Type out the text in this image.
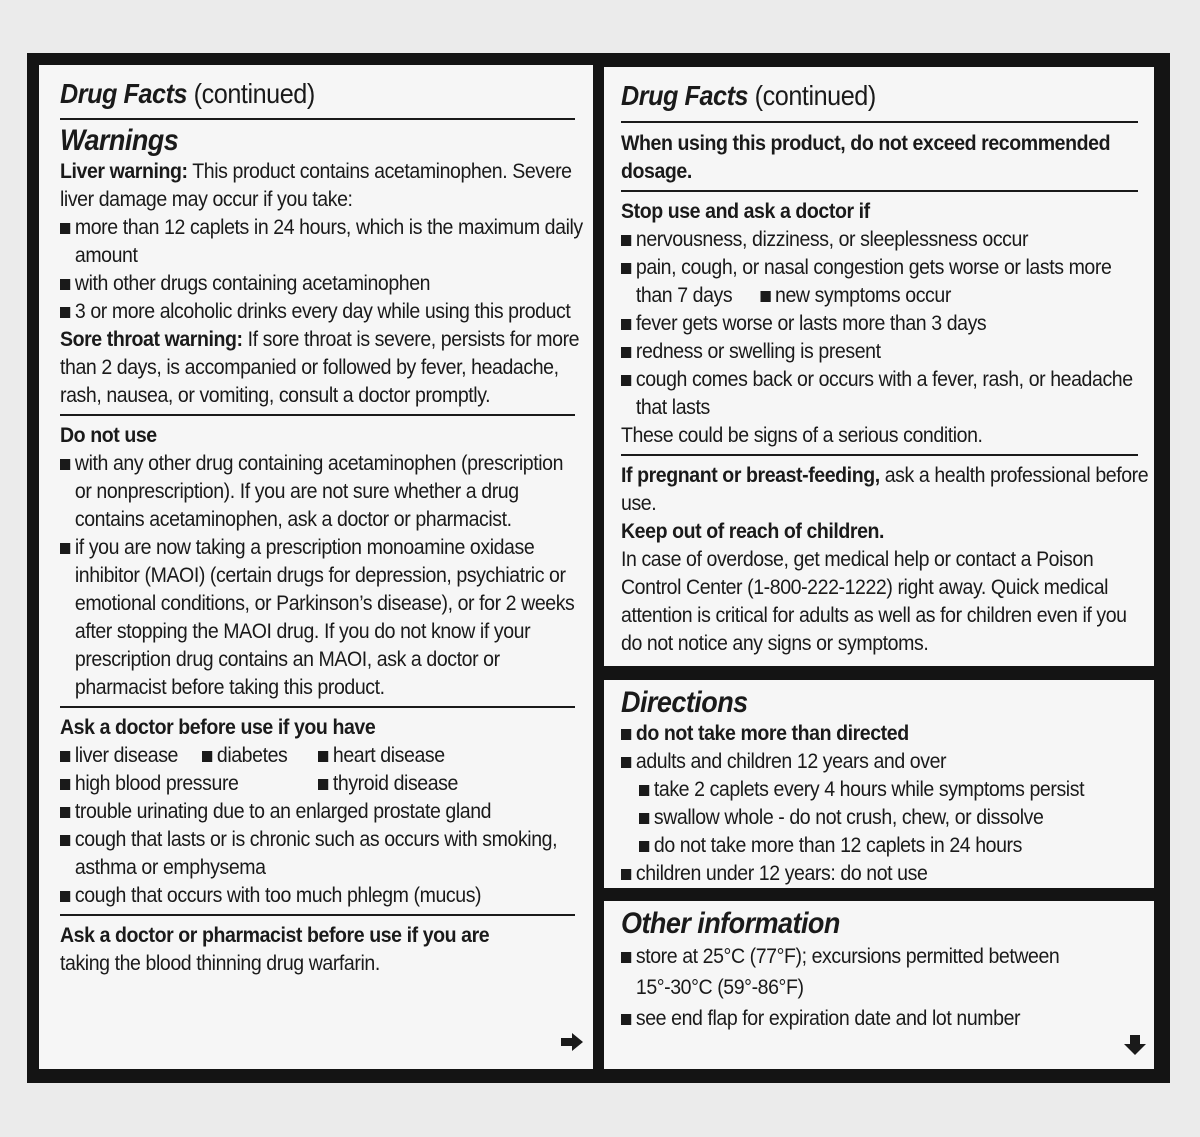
Drug Facts (continued)
Warnings
Liver warning: This product contains acetaminophen. Severe
liver damage may occur if you take:
more than 12 caplets in 24 hours, which is the maximum daily
amount
with other drugs containing acetaminophen
3 or more alcoholic drinks every day while using this product
Sore throat warning: If sore throat is severe, persists for more
than 2 days, is accompanied or followed by fever, headache,
rash, nausea, or vomiting, consult a doctor promptly.
Do not use
with any other drug containing acetaminophen (prescription
or nonprescription). If you are not sure whether a drug
contains acetaminophen, ask a doctor or pharmacist.
if you are now taking a prescription monoamine oxidase
inhibitor (MAOI) (certain drugs for depression, psychiatric or
emotional conditions, or Parkinson’s disease), or for 2 weeks
after stopping the MAOI drug. If you do not know if your
prescription drug contains an MAOI, ask a doctor or
pharmacist before taking this product.
Ask a doctor before use if you have
liver disease	diabetes	heart disease
high blood pressure	thyroid disease
trouble urinating due to an enlarged prostate gland
cough that lasts or is chronic such as occurs with smoking,
asthma or emphysema
cough that occurs with too much phlegm (mucus)
Ask a doctor or pharmacist before use if you are
taking the blood thinning drug warfarin.
Drug Facts (continued)
When using this product, do not exceed recommended
dosage.
Stop use and ask a doctor if
nervousness, dizziness, or sleeplessness occur
pain, cough, or nasal congestion gets worse or lasts more
than 7 days new symptoms occur
fever gets worse or lasts more than 3 days
redness or swelling is present
cough comes back or occurs with a fever, rash, or headache
that lasts
These could be signs of a serious condition.
If pregnant or breast-feeding, ask a health professional before
use.
Keep out of reach of children.
In case of overdose, get medical help or contact a Poison
Control Center (1-800-222-1222) right away. Quick medical
attention is critical for adults as well as for children even if you
do not notice any signs or symptoms.
Directions
do not take more than directed
adults and children 12 years and over
take 2 caplets every 4 hours while symptoms persist
swallow whole - do not crush, chew, or dissolve
do not take more than 12 caplets in 24 hours
children under 12 years: do not use
Other information
store at 25°C (77°F); excursions permitted between
15°-30°C (59°-86°F)
see end flap for expiration date and lot number
